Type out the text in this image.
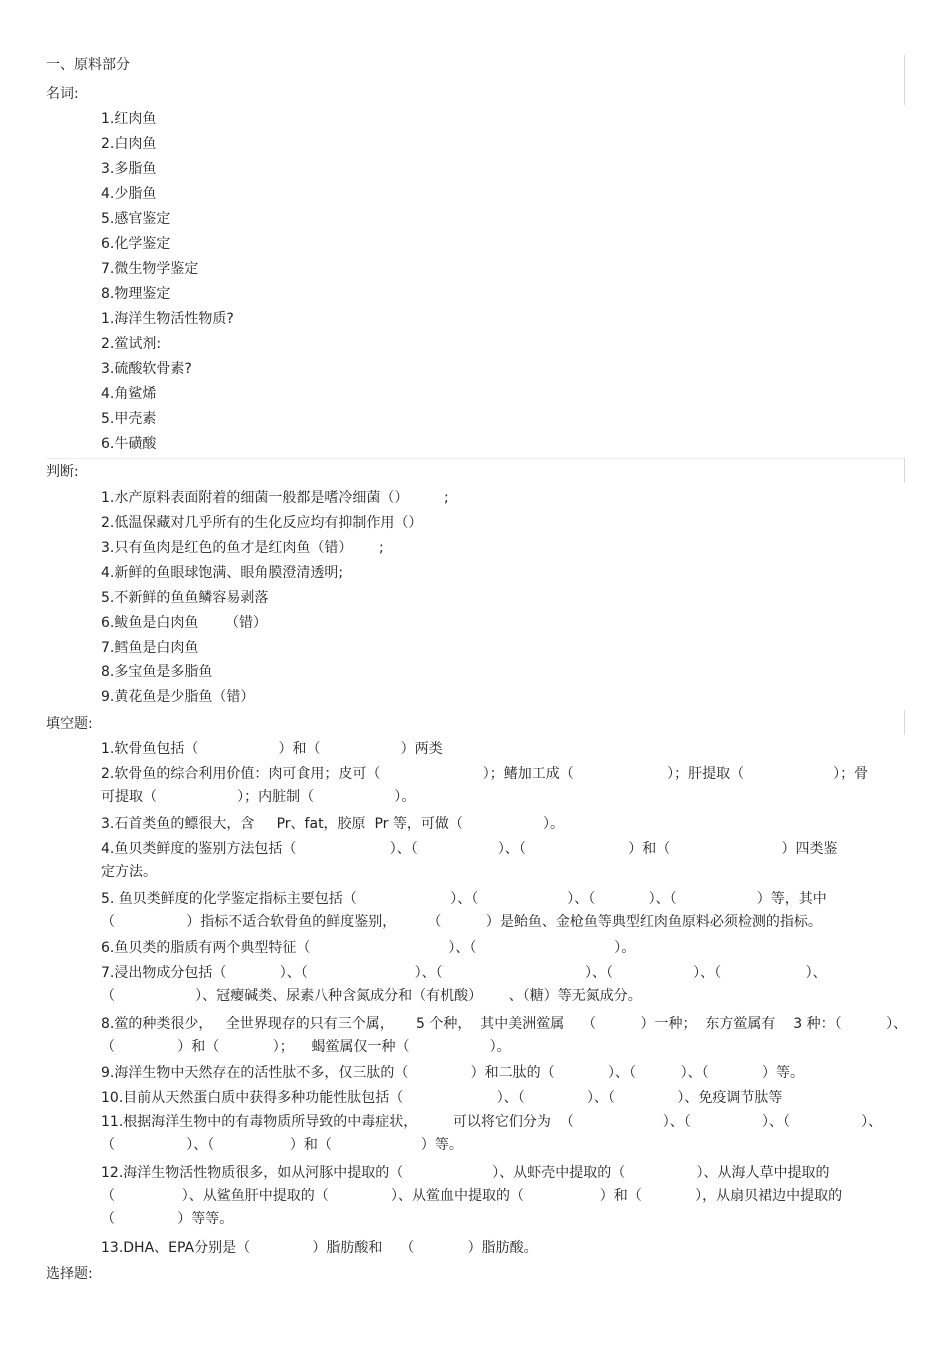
一、原料部分
名词:
1.红肉鱼
2.白肉鱼
3.多脂鱼
4.少脂鱼
5.感官鉴定
6.化学鉴定
7.微生物学鉴定
8.物理鉴定
1.海洋生物活性物质?
2.鲎试剂:
3.硫酸软骨素?
4.角鲨烯
5.甲壳素
6.牛磺酸
判断:
1.水产原料表面附着的细菌一般都是嗜冷细菌（）        ;
2.低温保藏对几乎所有的生化反应均有抑制作用（）
3.只有鱼肉是红色的鱼才是红肉鱼（错）      ;
4.新鲜的鱼眼球饱满、眼角膜澄清透明;
5.不新鲜的鱼鱼鳞容易剥落
6.鲅鱼是白肉鱼      （错）
7.鳕鱼是白肉鱼
8.多宝鱼是多脂鱼
9.黄花鱼是少脂鱼（错）
填空题:
1.软骨鱼包括（                  ）和（                  ）两类
2.软骨鱼的综合利用价值：肉可食用；皮可（                       ）；鳍加工成（                     ）；肝提取（                    ）；骨
可提取（                  ）；内脏制（                  ）。
3.石首类鱼的鳔很大，含     Pr、fat，胶原  Pr 等，可做（                  ）。
4.鱼贝类鲜度的鉴别方法包括（                     ）、（                  ）、（                       ）和（                         ）四类鉴
定方法。
5. 鱼贝类鲜度的化学鉴定指标主要包括（                     ）、（                    ）、（            ）、（                  ）等，其中
（                ）指标不适合软骨鱼的鲜度鉴别，       （          ）是鲐鱼、金枪鱼等典型红肉鱼原料必须检测的指标。
6.鱼贝类的脂质有两个典型特征（                               ）、（                               ）。
7.浸出物成分包括（            ）、（                        ）、（                                ）、（                  ）、（                   ）、
（                  ）、冠瘿碱类、尿素八种含氮成分和（有机酸）      、（糖）等无氮成分。
8.鲎的种类很少，   全世界现存的只有三个属，     5 个种，  其中美洲鲎属    （          ）一种；  东方鲎属有    3 种：（          ）、
（              ）和（            ）；    蝎鲎属仅一种（                  ）。
9.海洋生物中天然存在的活性肽不多，仅三肽的（              ）和二肽的（            ）、（          ）、（            ）等。
10.目前从天然蛋白质中获得多种功能性肽包括（                     ）、（              ）、（              ）、免疫调节肽等
11.根据海洋生物中的有毒物质所导致的中毒症状，        可以将它们分为  （                    ）、（                ）、（                ）、
（                ）、（                 ）和（                    ）等。
12.海洋生物活性物质很多，如从河豚中提取的（                    ）、从虾壳中提取的（                ）、从海人草中提取的
（               ）、从鲨鱼肝中提取的（              ）、从鲎血中提取的（                 ）和（            ），从扇贝裙边中提取的
（              ）等等。
13.DHA、EPA分别是（              ）脂肪酸和    （            ）脂肪酸。
选择题:
